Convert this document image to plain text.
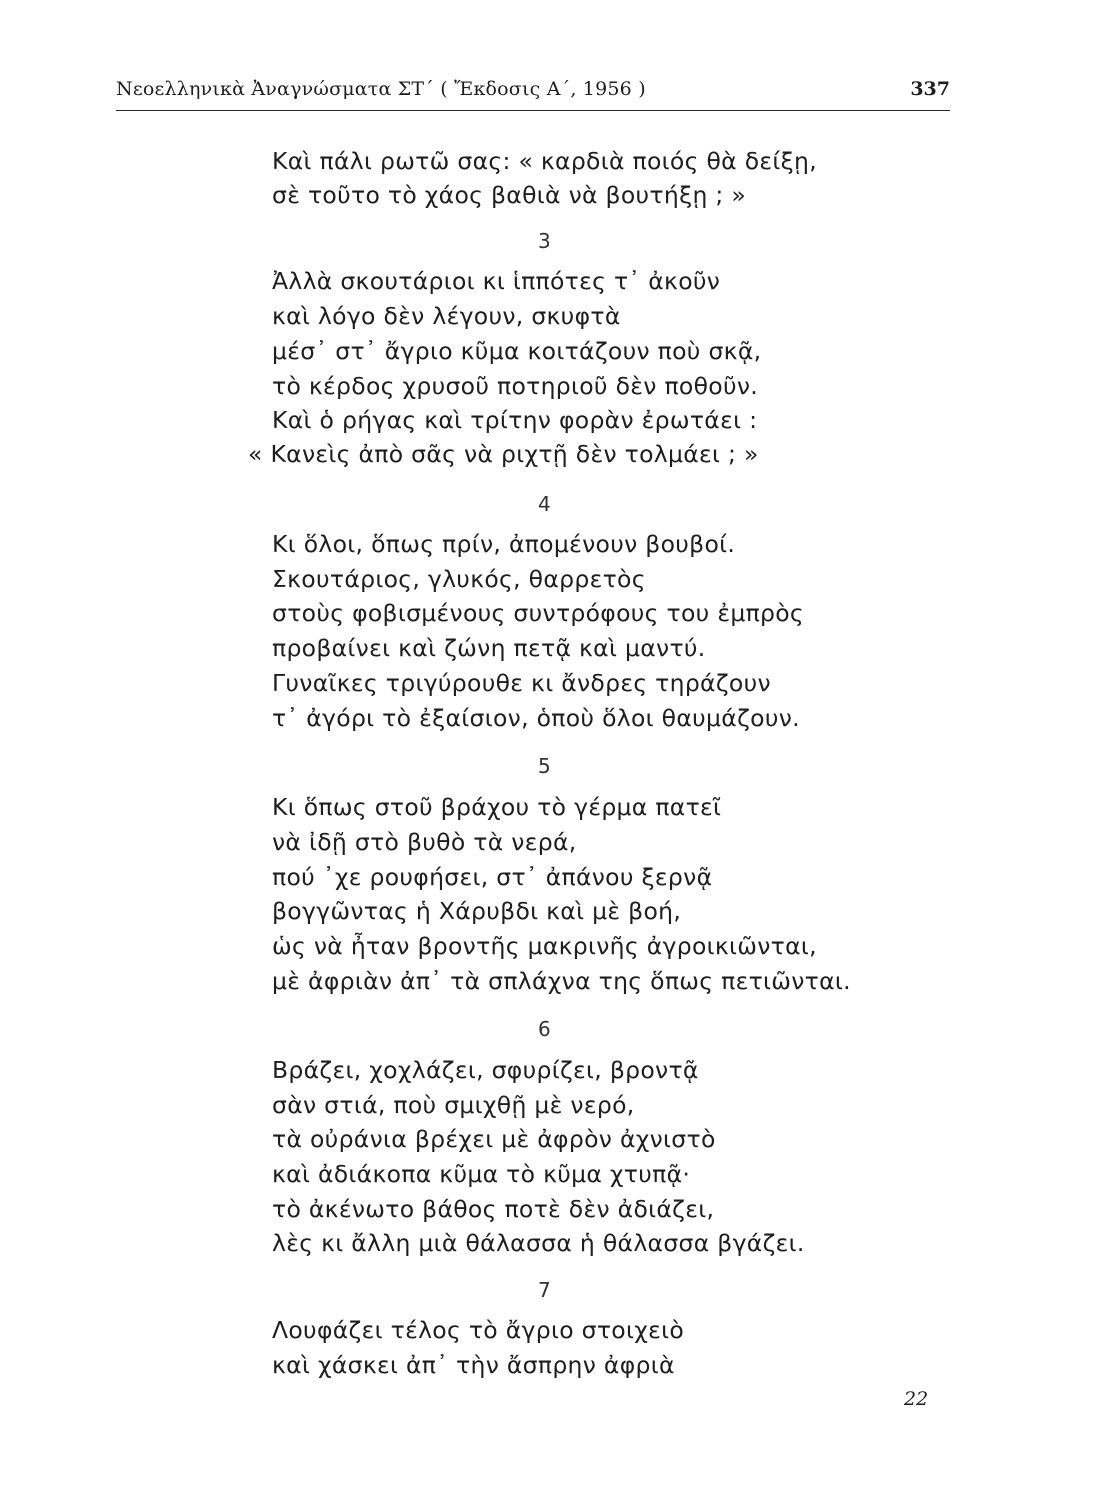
Νεοελληνικὰ Ἀναγνώσματα ΣΤ΄ ( Ἔκδοσις Α΄, 1956 )	337
Καὶ πάλι ρωτῶ σας: « καρδιὰ ποιός θὰ δείξῃ,
σὲ τοῦτο τὸ χάος βαθιὰ νὰ βουτήξῃ ; »
3
Ἀλλὰ σκουτάριοι κι ἱππότες τ᾽ ἀκοῦν
καὶ λόγο δὲν λέγουν, σκυφτὰ
μέσ᾽ στ᾽ ἄγριο κῦμα κοιτάζουν ποὺ σκᾷ,
τὸ κέρδος χρυσοῦ ποτηριοῦ δὲν ποθοῦν.
Καὶ ὁ ρήγας καὶ τρίτην φορὰν ἐρωτάει :
« Κανεὶς ἀπὸ σᾶς νὰ ριχτῇ δὲν τολμάει ; »
4
Κι ὅλοι, ὅπως πρίν, ἀπομένουν βουβοί.
Σκουτάριος, γλυκός, θαρρετὸς
στοὺς φοβισμένους συντρόφους του ἐμπρὸς
προβαίνει καὶ ζώνη πετᾷ καὶ μαντύ.
Γυναῖκες τριγύρουθε κι ἄνδρες τηράζουν
τ᾽ ἀγόρι τὸ ἐξαίσιον, ὁποὺ ὅλοι θαυμάζουν.
5
Κι ὅπως στοῦ βράχου τὸ γέρμα πατεῖ
νὰ ἰδῇ στὸ βυθὸ τὰ νερά,
πού ᾽χε ρουφήσει, στ᾽ ἀπάνου ξερνᾷ
βογγῶντας ἡ Χάρυβδι καὶ μὲ βοή,
ὡς νὰ ἦταν βροντῆς μακρινῆς ἀγροικιῶνται,
μὲ ἀφριὰν ἀπ᾽ τὰ σπλάχνα της ὅπως πετιῶνται.
6
Βράζει, χοχλάζει, σφυρίζει, βροντᾷ
σὰν στιά, ποὺ σμιχθῇ μὲ νερό,
τὰ οὐράνια βρέχει μὲ ἀφρὸν ἀχνιστὸ
καὶ ἀδιάκοπα κῦμα τὸ κῦμα χτυπᾷ·
τὸ ἀκένωτο βάθος ποτὲ δὲν ἀδιάζει,
λὲς κι ἄλλη μιὰ θάλασσα ἡ θάλασσα βγάζει.
7
Λουφάζει τέλος τὸ ἄγριο στοιχειὸ
καὶ χάσκει ἀπ᾽ τὴν ἄσπρην ἀφριὰ
22
